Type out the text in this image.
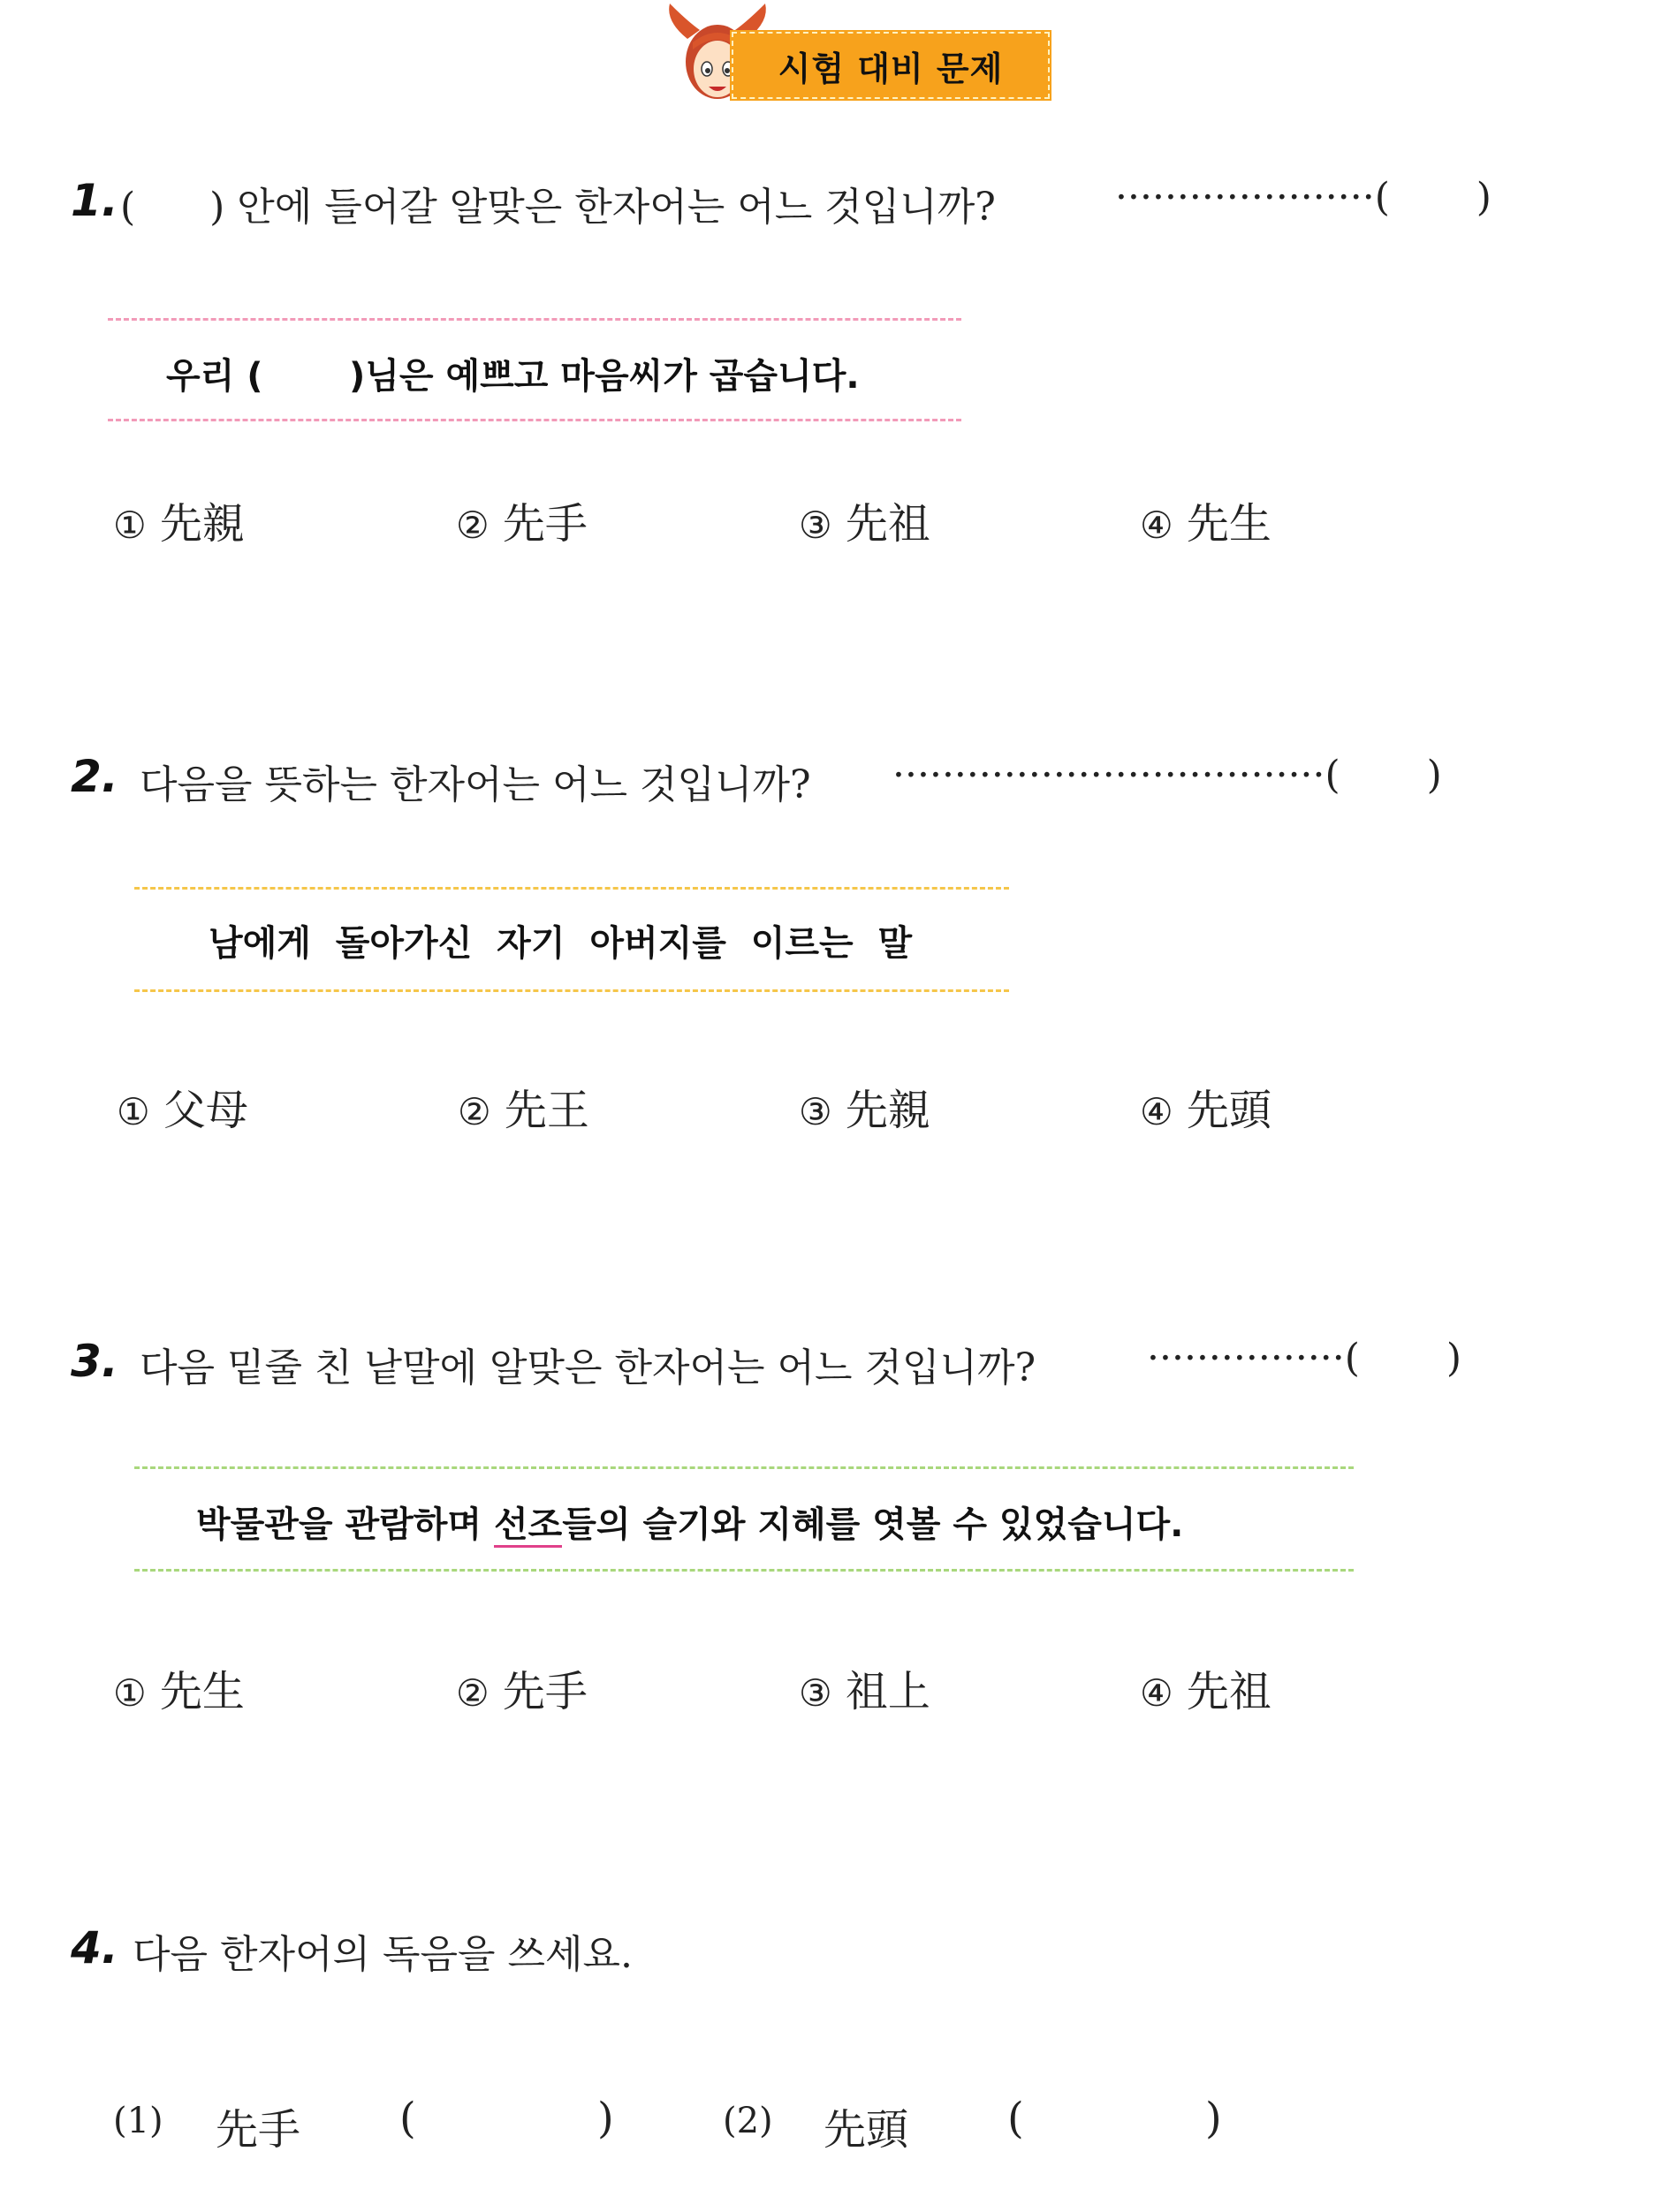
시험 대비 문제
1. (      ) 안에 들어갈 알맞은 한자어는 어느 것입니까?	·····················(       )
우리 (       )님은 예쁘고 마음씨가 곱습니다.
① 先親	② 先手	③ 先祖	④ 先生
2. 다음을 뜻하는 한자어는 어느 것입니까? ···································(       )
남에게  돌아가신  자기  아버지를  이르는  말
① 父母	② 先王	③ 先親	④ 先頭
3. 다음 밑줄 친 낱말에 알맞은 한자어는 어느 것입니까?	················(       )
박물관을 관람하며 선조들의 슬기와 지혜를 엿볼 수 있었습니다.
① 先生	② 先手	③ 祖上	④ 先祖
4. 다음 한자어의 독음을 쓰세요.
(1) 先手 (	)	(2) 先頭 (	)
